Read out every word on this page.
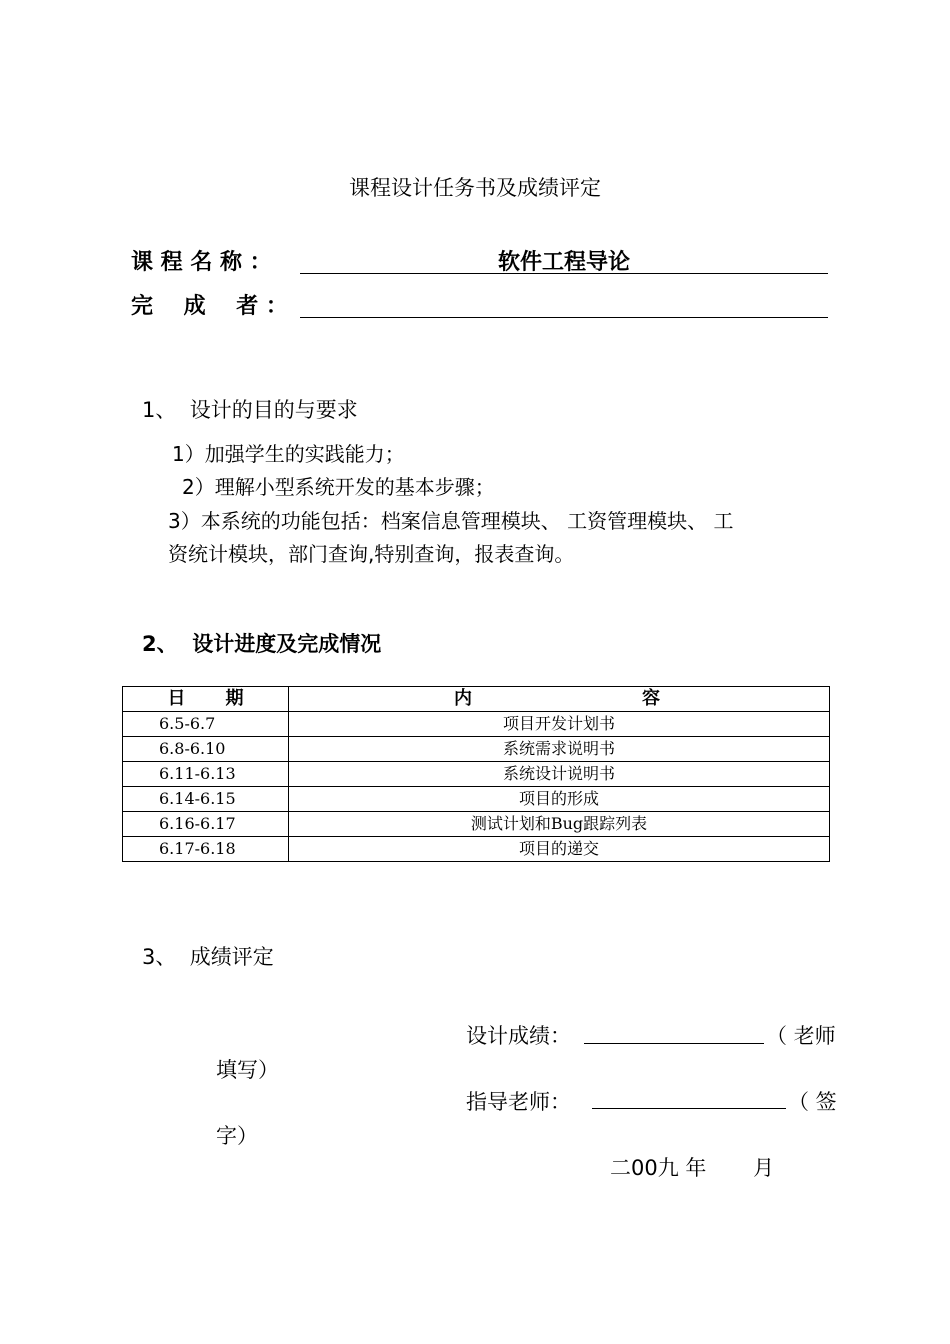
课程设计任务书及成绩评定
课 程 名 称 ：	软件工程导论
完    成    者 ：
1、  设计的目的与要求
1）加强学生的实践能力；
2）理解小型系统开发的基本步骤；
3）本系统的功能包括：档案信息管理模块、 工资管理模块、 工
资统计模块，部门查询,特别查询，报表查询。
2、  设计进度及完成情况
日 期	内 容
6.5-6.7	项目开发计划书
6.8-6.10	系统需求说明书
6.11-6.13	系统设计说明书
6.14-6.15	项目的形成
6.16-6.17	测试计划和Bug跟踪列表
6.17-6.18	项目的递交
3、  成绩评定
设计成绩：	（ 老师
填写）
指导老师：	（ 签
字）
二00九 年       月
